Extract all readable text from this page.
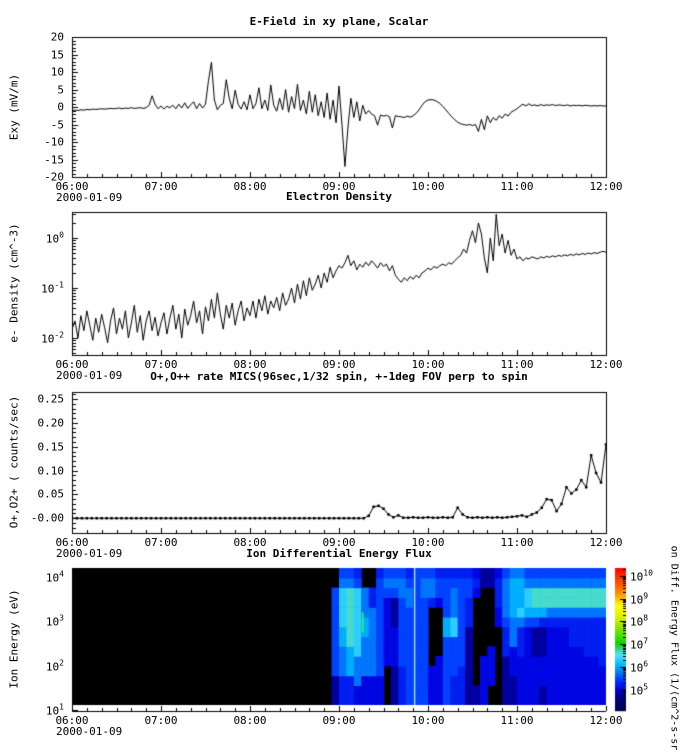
E-Field in xy plane, Scalar
Electron Density
O+,O++ rate MICS(96sec,1/32 spin, +-1deg FOV perp to spin
Ion Differential Energy Flux
Exy (mV/m)
e- Density (cm^-3)
O+,O2+ ( counts/sec)
Ion Energy (eV)
2000-01-09
2000-01-09
2000-01-09
2000-01-09	on Diff. Energy Flux (1/(cm^2-s-sr
06:00	07:00	08:00	09:00	10:00	11:00	12:00
20
15
10
5
0
-5
-10
-15
-20
06:00	07:00	08:00	09:00	10:00	11:00	12:00
$10^0$
$10^{-1}$
$10^{-2}$
06:00	07:00	08:00	09:00	10:00	11:00	12:00
0.25
0.20
0.15
0.10
0.05
-0.00
06:00	07:00	08:00	09:00	10:00	11:00	12:00
$10^4$
$10^3$
$10^2$
$10^1$
$10^{10}$
$10^9$
$10^8$
$10^7$
$10^6$
$10^5$
